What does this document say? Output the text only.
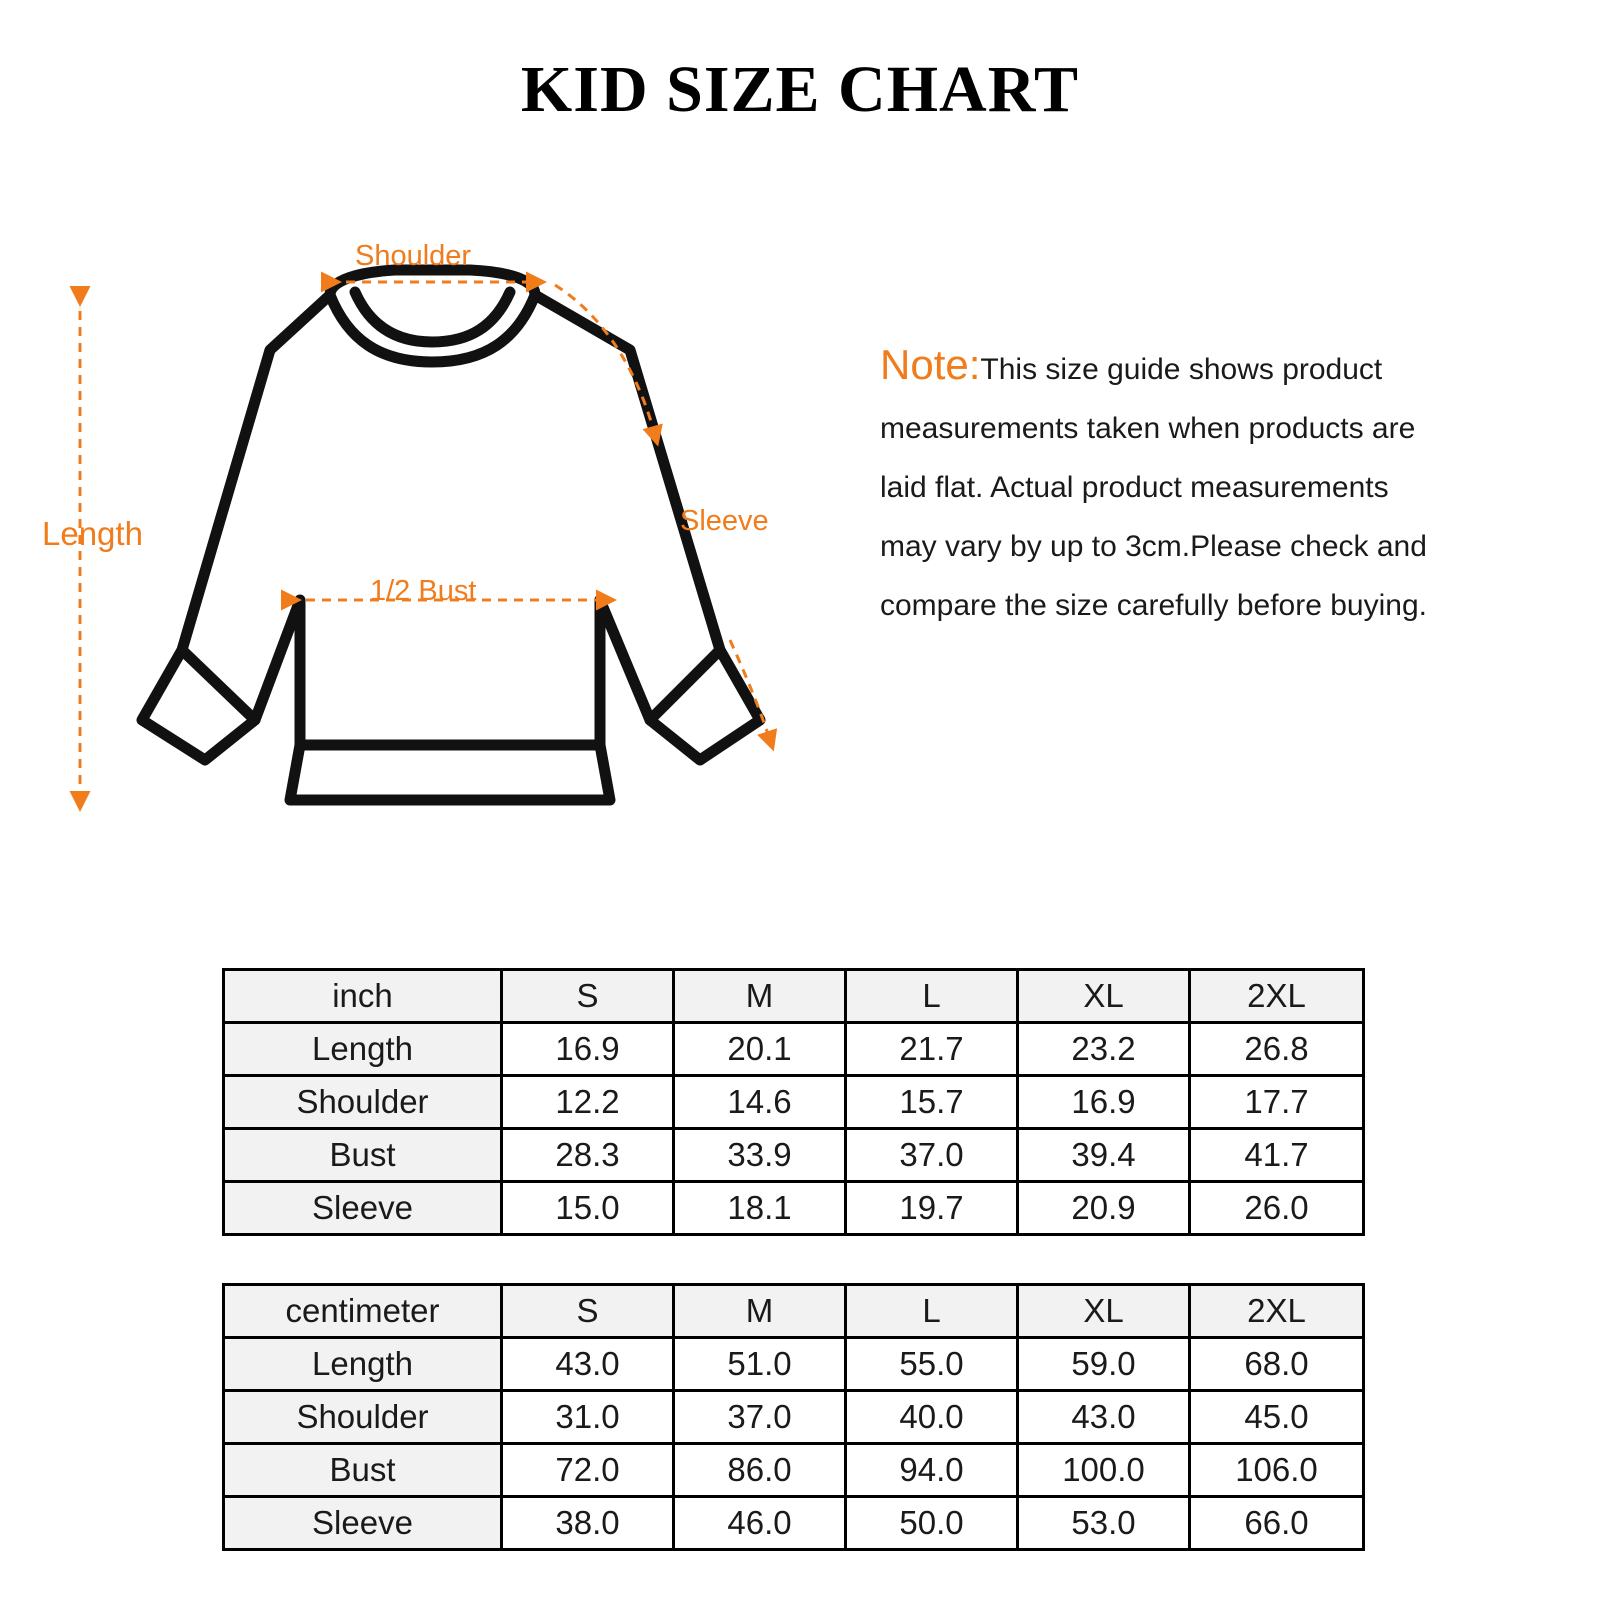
KID SIZE CHART
Shoulder
Sleeve
Length
1/2 Bust
Note:This size guide shows product
measurements taken when products are
laid flat. Actual product measurements
may vary by up to 3cm.Please check and
compare the size carefully before buying.
inch	S	M	L	XL	2XL
Length	16.9	20.1	21.7	23.2	26.8
Shoulder	12.2	14.6	15.7	16.9	17.7
Bust	28.3	33.9	37.0	39.4	41.7
Sleeve	15.0	18.1	19.7	20.9	26.0
centimeter	S	M	L	XL	2XL
Length	43.0	51.0	55.0	59.0	68.0
Shoulder	31.0	37.0	40.0	43.0	45.0
Bust	72.0	86.0	94.0	100.0	106.0
Sleeve	38.0	46.0	50.0	53.0	66.0
